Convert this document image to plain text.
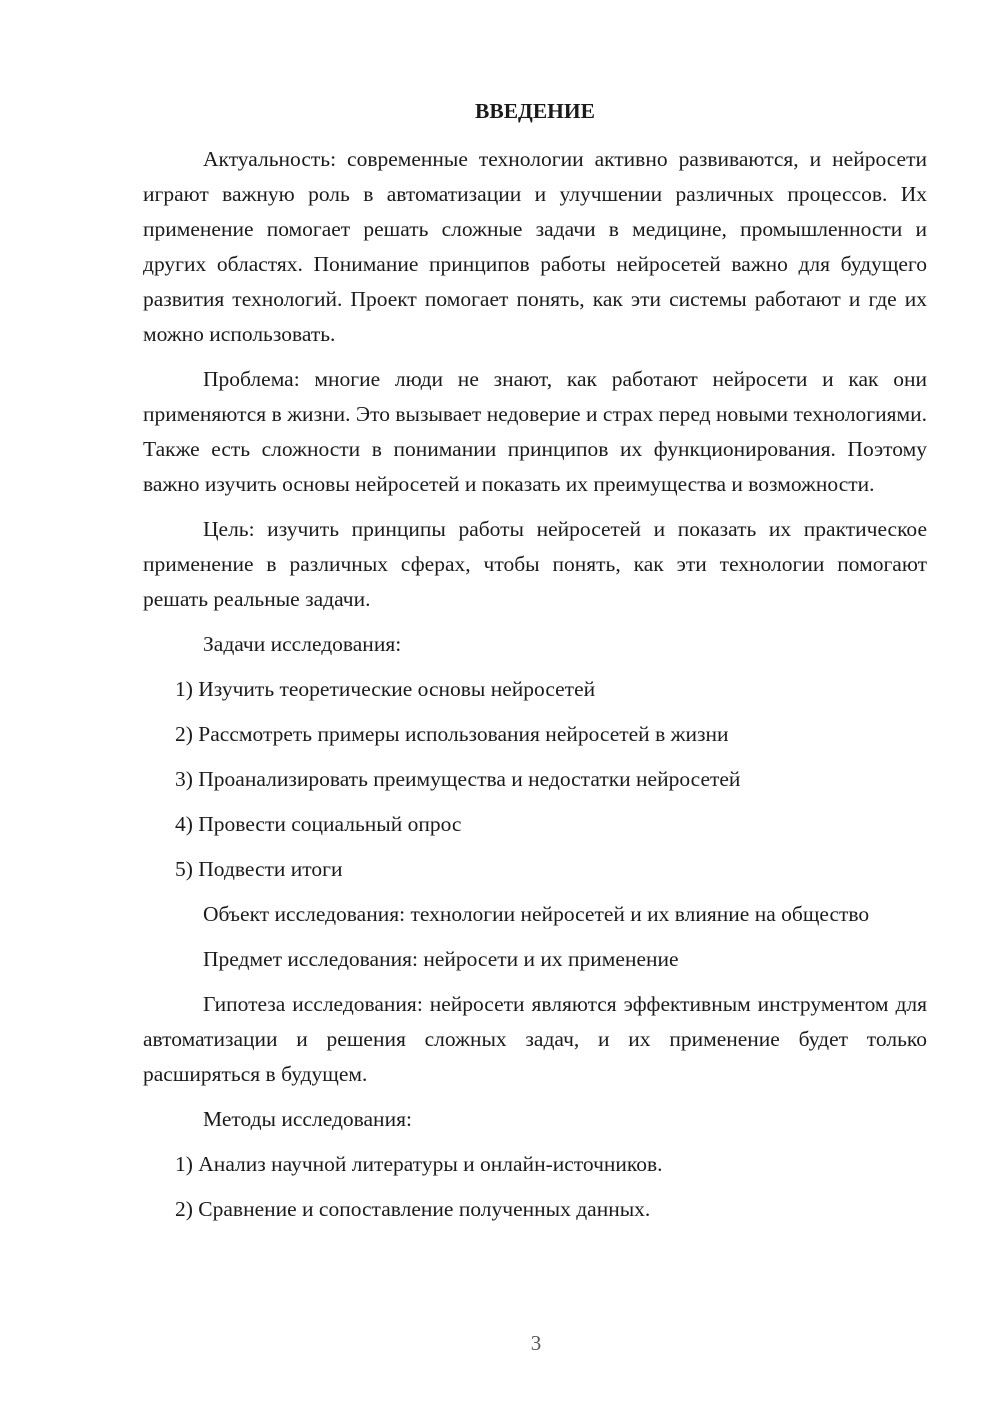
ВВЕДЕНИЕ

Актуальность: современные технологии активно развиваются, и нейросети играют важную роль в автоматизации и улучшении различных процессов. Их применение помогает решать сложные задачи в медицине, промышленности и других областях. Понимание принципов работы нейросетей важно для будущего развития технологий. Проект помогает понять, как эти системы работают и где их можно использовать.

Проблема: многие люди не знают, как работают нейросети и как они применяются в жизни. Это вызывает недоверие и страх перед новыми технологиями. Также есть сложности в понимании принципов их функционирования. Поэтому важно изучить основы нейросетей и показать их преимущества и возможности.

Цель: изучить принципы работы нейросетей и показать их практическое применение в различных сферах, чтобы понять, как эти технологии помогают решать реальные задачи.

Задачи исследования:

1) Изучить теоретические основы нейросетей

2) Рассмотреть примеры использования нейросетей в жизни

3) Проанализировать преимущества и недостатки нейросетей

4) Провести социальный опрос

5) Подвести итоги

Объект исследования: технологии нейросетей и их влияние на общество

Предмет исследования: нейросети и их применение

Гипотеза исследования: нейросети являются эффективным инструментом для автоматизации и решения сложных задач, и их применение будет только расширяться в будущем.

Методы исследования:

1) Анализ научной литературы и онлайн-источников.

2) Сравнение и сопоставление полученных данных.

3
